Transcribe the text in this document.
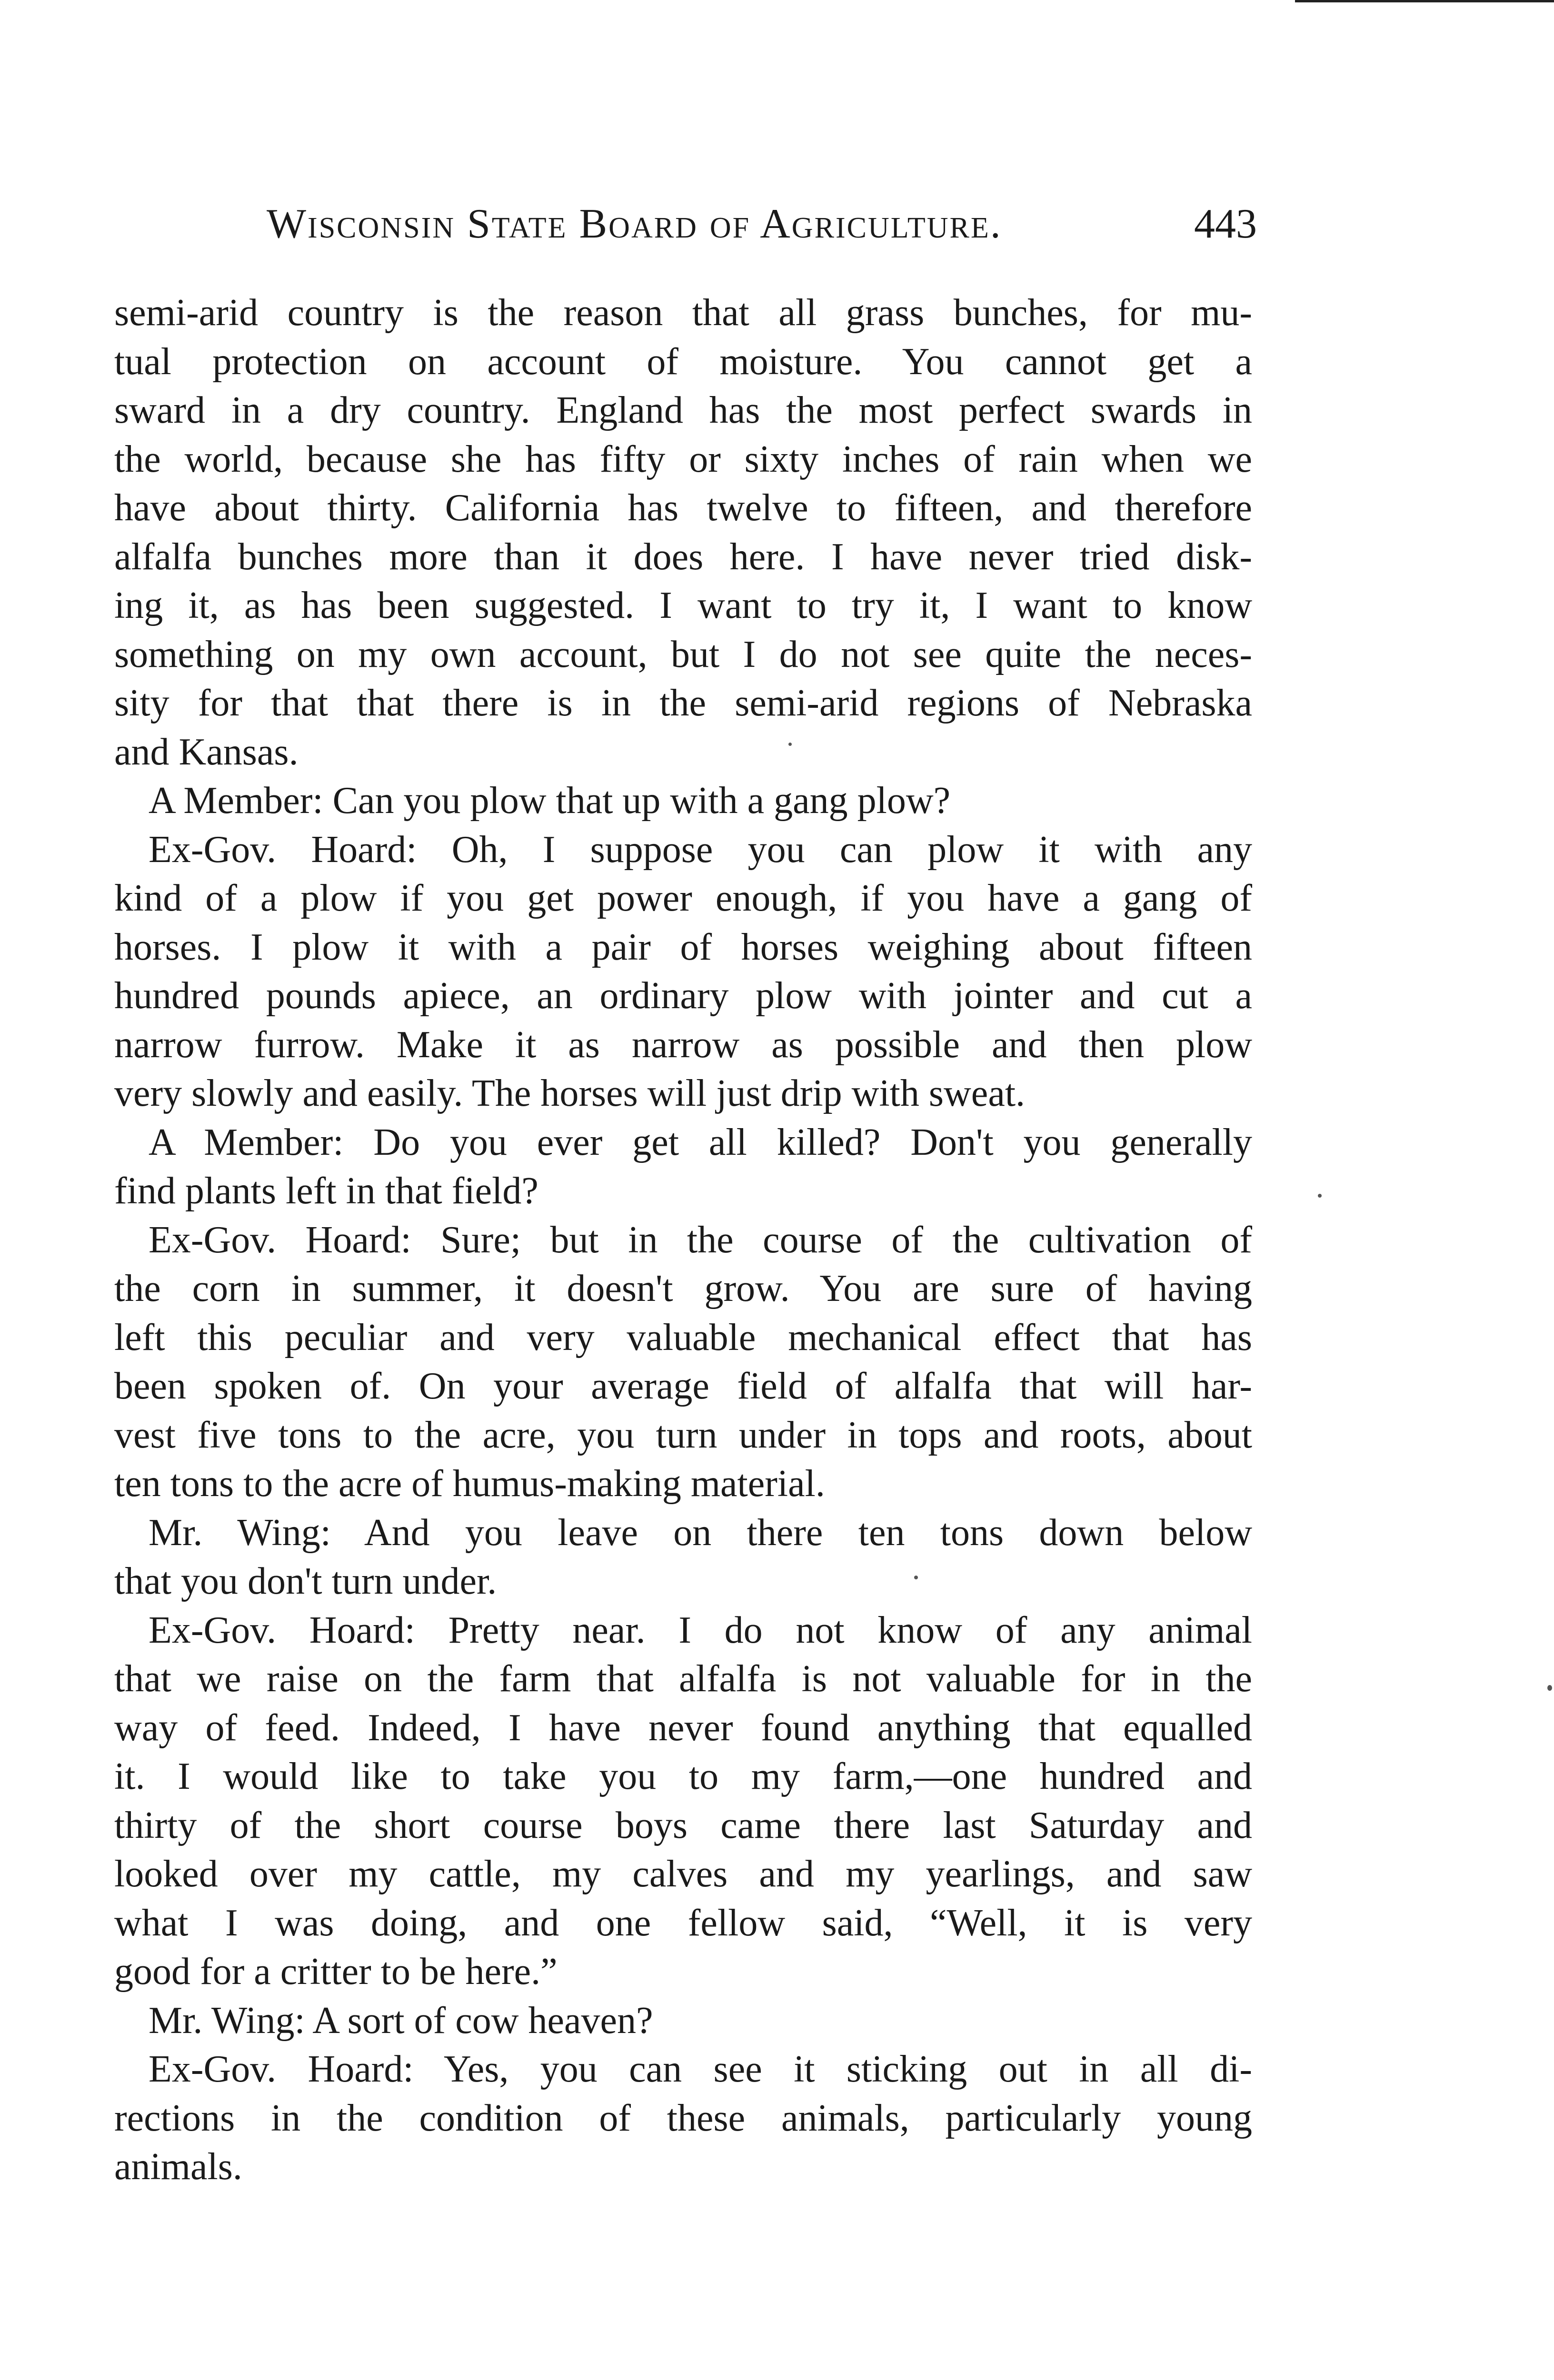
Wisconsin State Board of Agriculture.	443
semi-arid country is the reason that all grass bunches, for mu-
tual protection on account of moisture. You cannot get a
sward in a dry country. England has the most perfect swards in
the world, because she has fifty or sixty inches of rain when we
have about thirty. California has twelve to fifteen, and therefore
alfalfa bunches more than it does here. I have never tried disk-
ing it, as has been suggested. I want to try it, I want to know
something on my own account, but I do not see quite the neces-
sity for that that there is in the semi-arid regions of Nebraska
and Kansas.
A Member: Can you plow that up with a gang plow?
Ex-Gov. Hoard: Oh, I suppose you can plow it with any
kind of a plow if you get power enough, if you have a gang of
horses. I plow it with a pair of horses weighing about fifteen
hundred pounds apiece, an ordinary plow with jointer and cut a
narrow furrow. Make it as narrow as possible and then plow
very slowly and easily. The horses will just drip with sweat.
A Member: Do you ever get all killed? Don't you generally
find plants left in that field?
Ex-Gov. Hoard: Sure; but in the course of the cultivation of
the corn in summer, it doesn't grow. You are sure of having
left this peculiar and very valuable mechanical effect that has
been spoken of. On your average field of alfalfa that will har-
vest five tons to the acre, you turn under in tops and roots, about
ten tons to the acre of humus-making material.
Mr. Wing: And you leave on there ten tons down below
that you don't turn under.
Ex-Gov. Hoard: Pretty near. I do not know of any animal
that we raise on the farm that alfalfa is not valuable for in the
way of feed. Indeed, I have never found anything that equalled
it. I would like to take you to my farm,—one hundred and
thirty of the short course boys came there last Saturday and
looked over my cattle, my calves and my yearlings, and saw
what I was doing, and one fellow said, “Well, it is very
good for a critter to be here.”
Mr. Wing: A sort of cow heaven?
Ex-Gov. Hoard: Yes, you can see it sticking out in all di-
rections in the condition of these animals, particularly young
animals.
